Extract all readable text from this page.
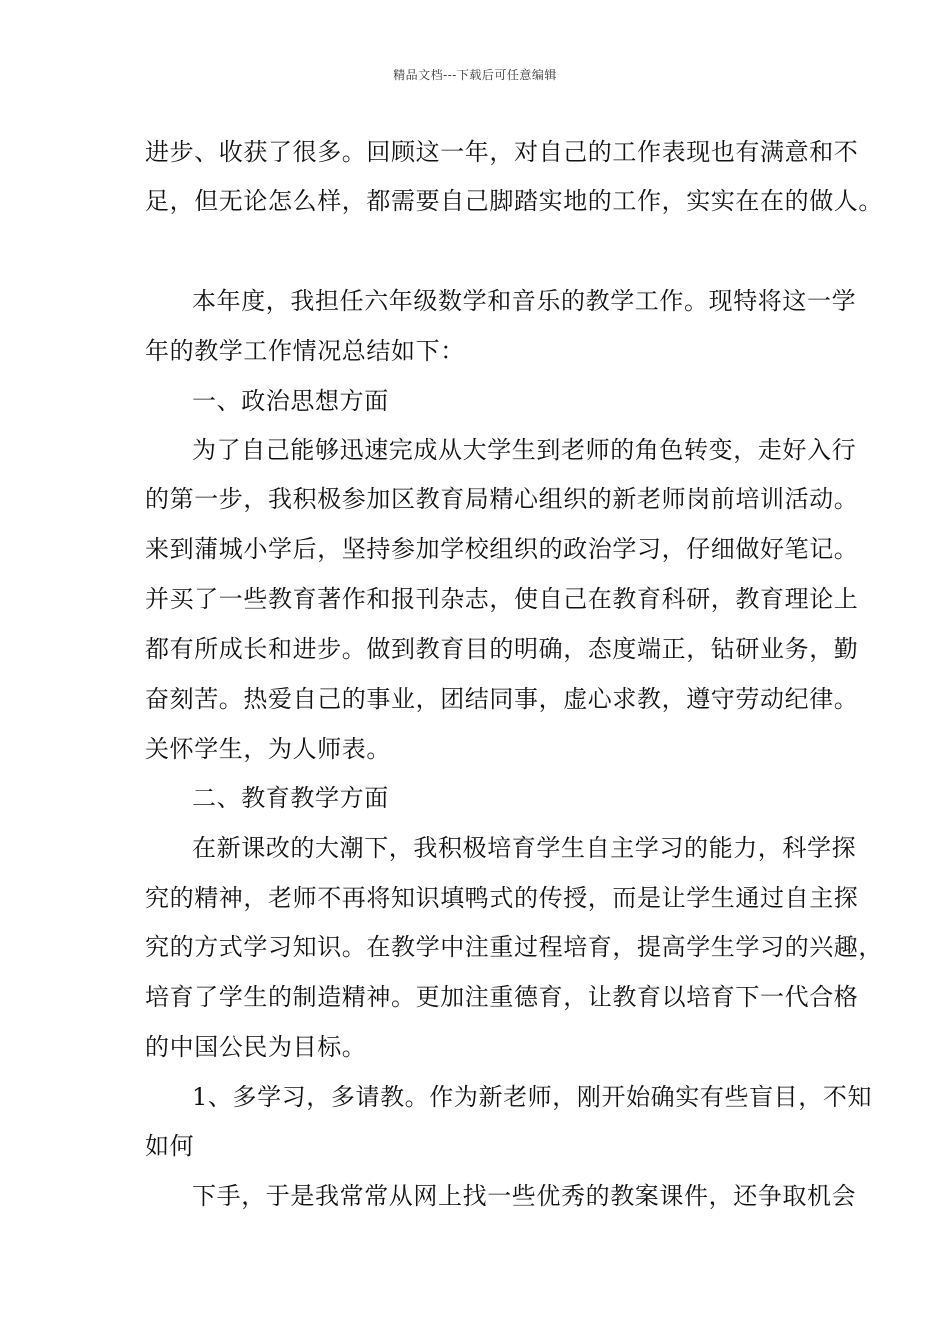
精品文档---下载后可任意编辑
进步、收获了很多。回顾这一年，对自己的工作表现也有满意和不
足，但无论怎么样，都需要自己脚踏实地的工作，实实在在的做人。
本年度，我担任六年级数学和音乐的教学工作。现特将这一学
年的教学工作情况总结如下：
一、政治思想方面
为了自己能够迅速完成从大学生到老师的角色转变，走好入行
的第一步，我积极参加区教育局精心组织的新老师岗前培训活动。
来到蒲城小学后，坚持参加学校组织的政治学习，仔细做好笔记。
并买了一些教育著作和报刊杂志，使自己在教育科研，教育理论上
都有所成长和进步。做到教育目的明确，态度端正，钻研业务，勤
奋刻苦。热爱自己的事业，团结同事，虚心求教，遵守劳动纪律。
关怀学生，为人师表。
二、教育教学方面
在新课改的大潮下，我积极培育学生自主学习的能力，科学探
究的精神，老师不再将知识填鸭式的传授，而是让学生通过自主探
究的方式学习知识。在教学中注重过程培育，提高学生学习的兴趣，
培育了学生的制造精神。更加注重德育，让教育以培育下一代合格
的中国公民为目标。
1、多学习，多请教。作为新老师，刚开始确实有些盲目，不知
如何
下手，于是我常常从网上找一些优秀的教案课件，还争取机会
